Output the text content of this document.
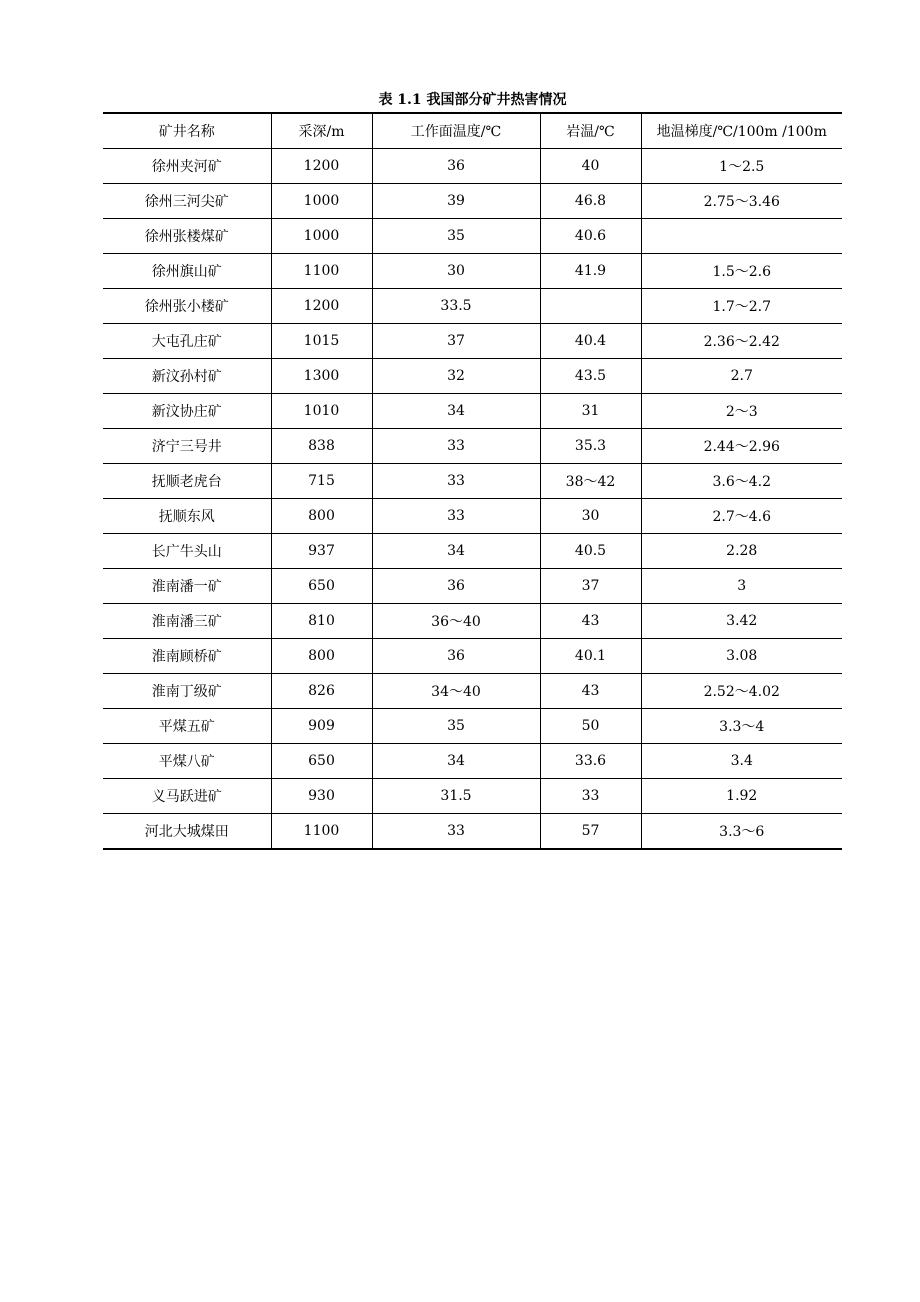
表 1.1 我国部分矿井热害情况
矿井名称	采深/m	工作面温度/℃	岩温/℃	地温梯度/℃/100m /100m
徐州夹河矿	1200	36	40	1～2.5
徐州三河尖矿	1000	39	46.8	2.75～3.46
徐州张楼煤矿	1000	35	40.6	
徐州旗山矿	1100	30	41.9	1.5～2.6
徐州张小楼矿	1200	33.5		1.7～2.7
大屯孔庄矿	1015	37	40.4	2.36～2.42
新汶孙村矿	1300	32	43.5	2.7
新汶协庄矿	1010	34	31	2～3
济宁三号井	838	33	35.3	2.44～2.96
抚顺老虎台	715	33	38～42	3.6～4.2
抚顺东风	800	33	30	2.7～4.6
长广牛头山	937	34	40.5	2.28
淮南潘一矿	650	36	37	3
淮南潘三矿	810	36～40	43	3.42
淮南顾桥矿	800	36	40.1	3.08
淮南丁级矿	826	34～40	43	2.52～4.02
平煤五矿	909	35	50	3.3～4
平煤八矿	650	34	33.6	3.4
义马跃进矿	930	31.5	33	1.92
河北大城煤田	1100	33	57	3.3～6
